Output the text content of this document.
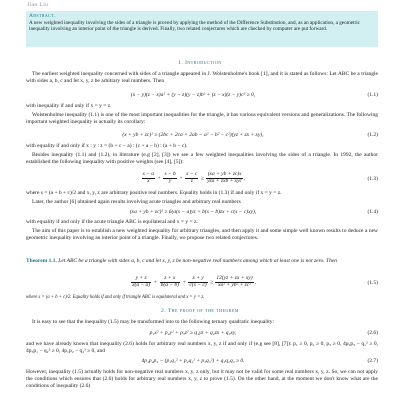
Jian Liu
Abstract.
A new weighted inequality involving the sides of a triangle is proved by applying the method of the Difference Substitution, and, as an application, a geometric inequality involving an interior point of the triangle is derived. Finally, two related conjectures which are checked by computer are put forward.
1. Introduction
The earliest weighted inequality concerned with sides of a triangle appeared in J. Wolstenholme's book [1], and it is stated as follows: Let ABC be a triangle with sides a, b, c and let x, y, z be arbitrary real numbers. Then
(x − y)(z − x)a² + (y − z)(y − z)b² + (z − x)(z − y)c² ≥ 0,	(1.1)
with inequality if and only if x = y = z.
Wolstenholme inequality (1.1) is one of the most important inequalities for the triangle, it has various equivalent versions and generalizations. The following important weighted inequality is actually its corollary:
(x + yb + zc)² ≥ (2bc + 2ca + 2ab − a² − b² − c²)(yz + zx + xy),	(1.2)
with equality if and only if x : y : z = (b + c − a) : (c + a − b) : (a + b − c).
Besides inequality (1.1) and (1.2), in literature (e.g [2], [3]) we see a few weighted inequalities involving the sides of a triangle. In 1992, the author established the following inequality with positive weights (see [4], [5]):
$\frac{s - a}{x} + \frac{s - b}{y} + \frac{s - c}{z} \ge \frac{(xa + yb + zc)s}{\text{yza + zxb + xyc}}$ ,	(1.3)
where s = (a + b + c)/2 and x, y, z are arbitrary positive real numbers. Equality holds in (1.3) if and only if x = y = z.
Later, the author [6] obtained again results involving acute triangles and arbitrary real numbers
(xa + yb + zc)² ≥ 6(a(s − a)yz + b(s − b)zx + c(s − c)xy),	(1.4)
with equality if and only if the acute triangle ABC is equilateral and x = y = z.
The aim of this paper is to establish a new weighted inequality for arbitrary triangles, and then apply it and some simple well known results to deduce a new geometric inequality involving an interior point of a triangle. Finally, we propose two related conjectures.
Theorem 1.1. Let ABC be a triangle with sides a, b, c and let x, y, z be non-negative real numbers among which at least one is not zero. Then
$\frac{y + z}{x(a - a)} + \frac{z + x}{b(a - b)} + \frac{x + y}{c(s - c)} \ge \frac{12(yz + zx + xy)}{\text{xa² + yb² + zc²}}$ ,	(1.5)
where s = (a + b + c)/2. Equality holds if and only if triangle ABC is equilateral and x = y = z.
2. The proof of the theorem
It is easy to see that the inequality (1.5) may be transformed into to the following ternary quadratic inequality:
p₁x² + p₂y² + p₃z² ≥ q₁yz + q₂zx + q₃xy,	(2.6)
and we have already known that inequality (2.6) holds for arbitrary real numbers x, y, z if and only if (e.g see [8], [7]): p₁ ≥ 0, p₂ ≥ 0, p₃ ≥ 0, 4p₂p₃ − q₁² ≥ 0, 4p₃p₁ − q₂² ≥ 0, 4p₁p₂ − q₃² ≥ 0, and
4p₁p₂p₃ − (p₁q₁² + p₂q₂² + p₃q₃²) + q₁q₂q₃ ≥ 0.	(2.7)
However, inequality (1.5) actually holds for non-negative real numbers x, y, z only, but it may not be valid for some real numbers x, y, z. So, we can not apply the conditions which ensures that (2.6) holds for arbitrary real numbers x, y, z to prove (1.5). On the other hand, at the moment we don't know what are the conditions of inequality (2.6)
